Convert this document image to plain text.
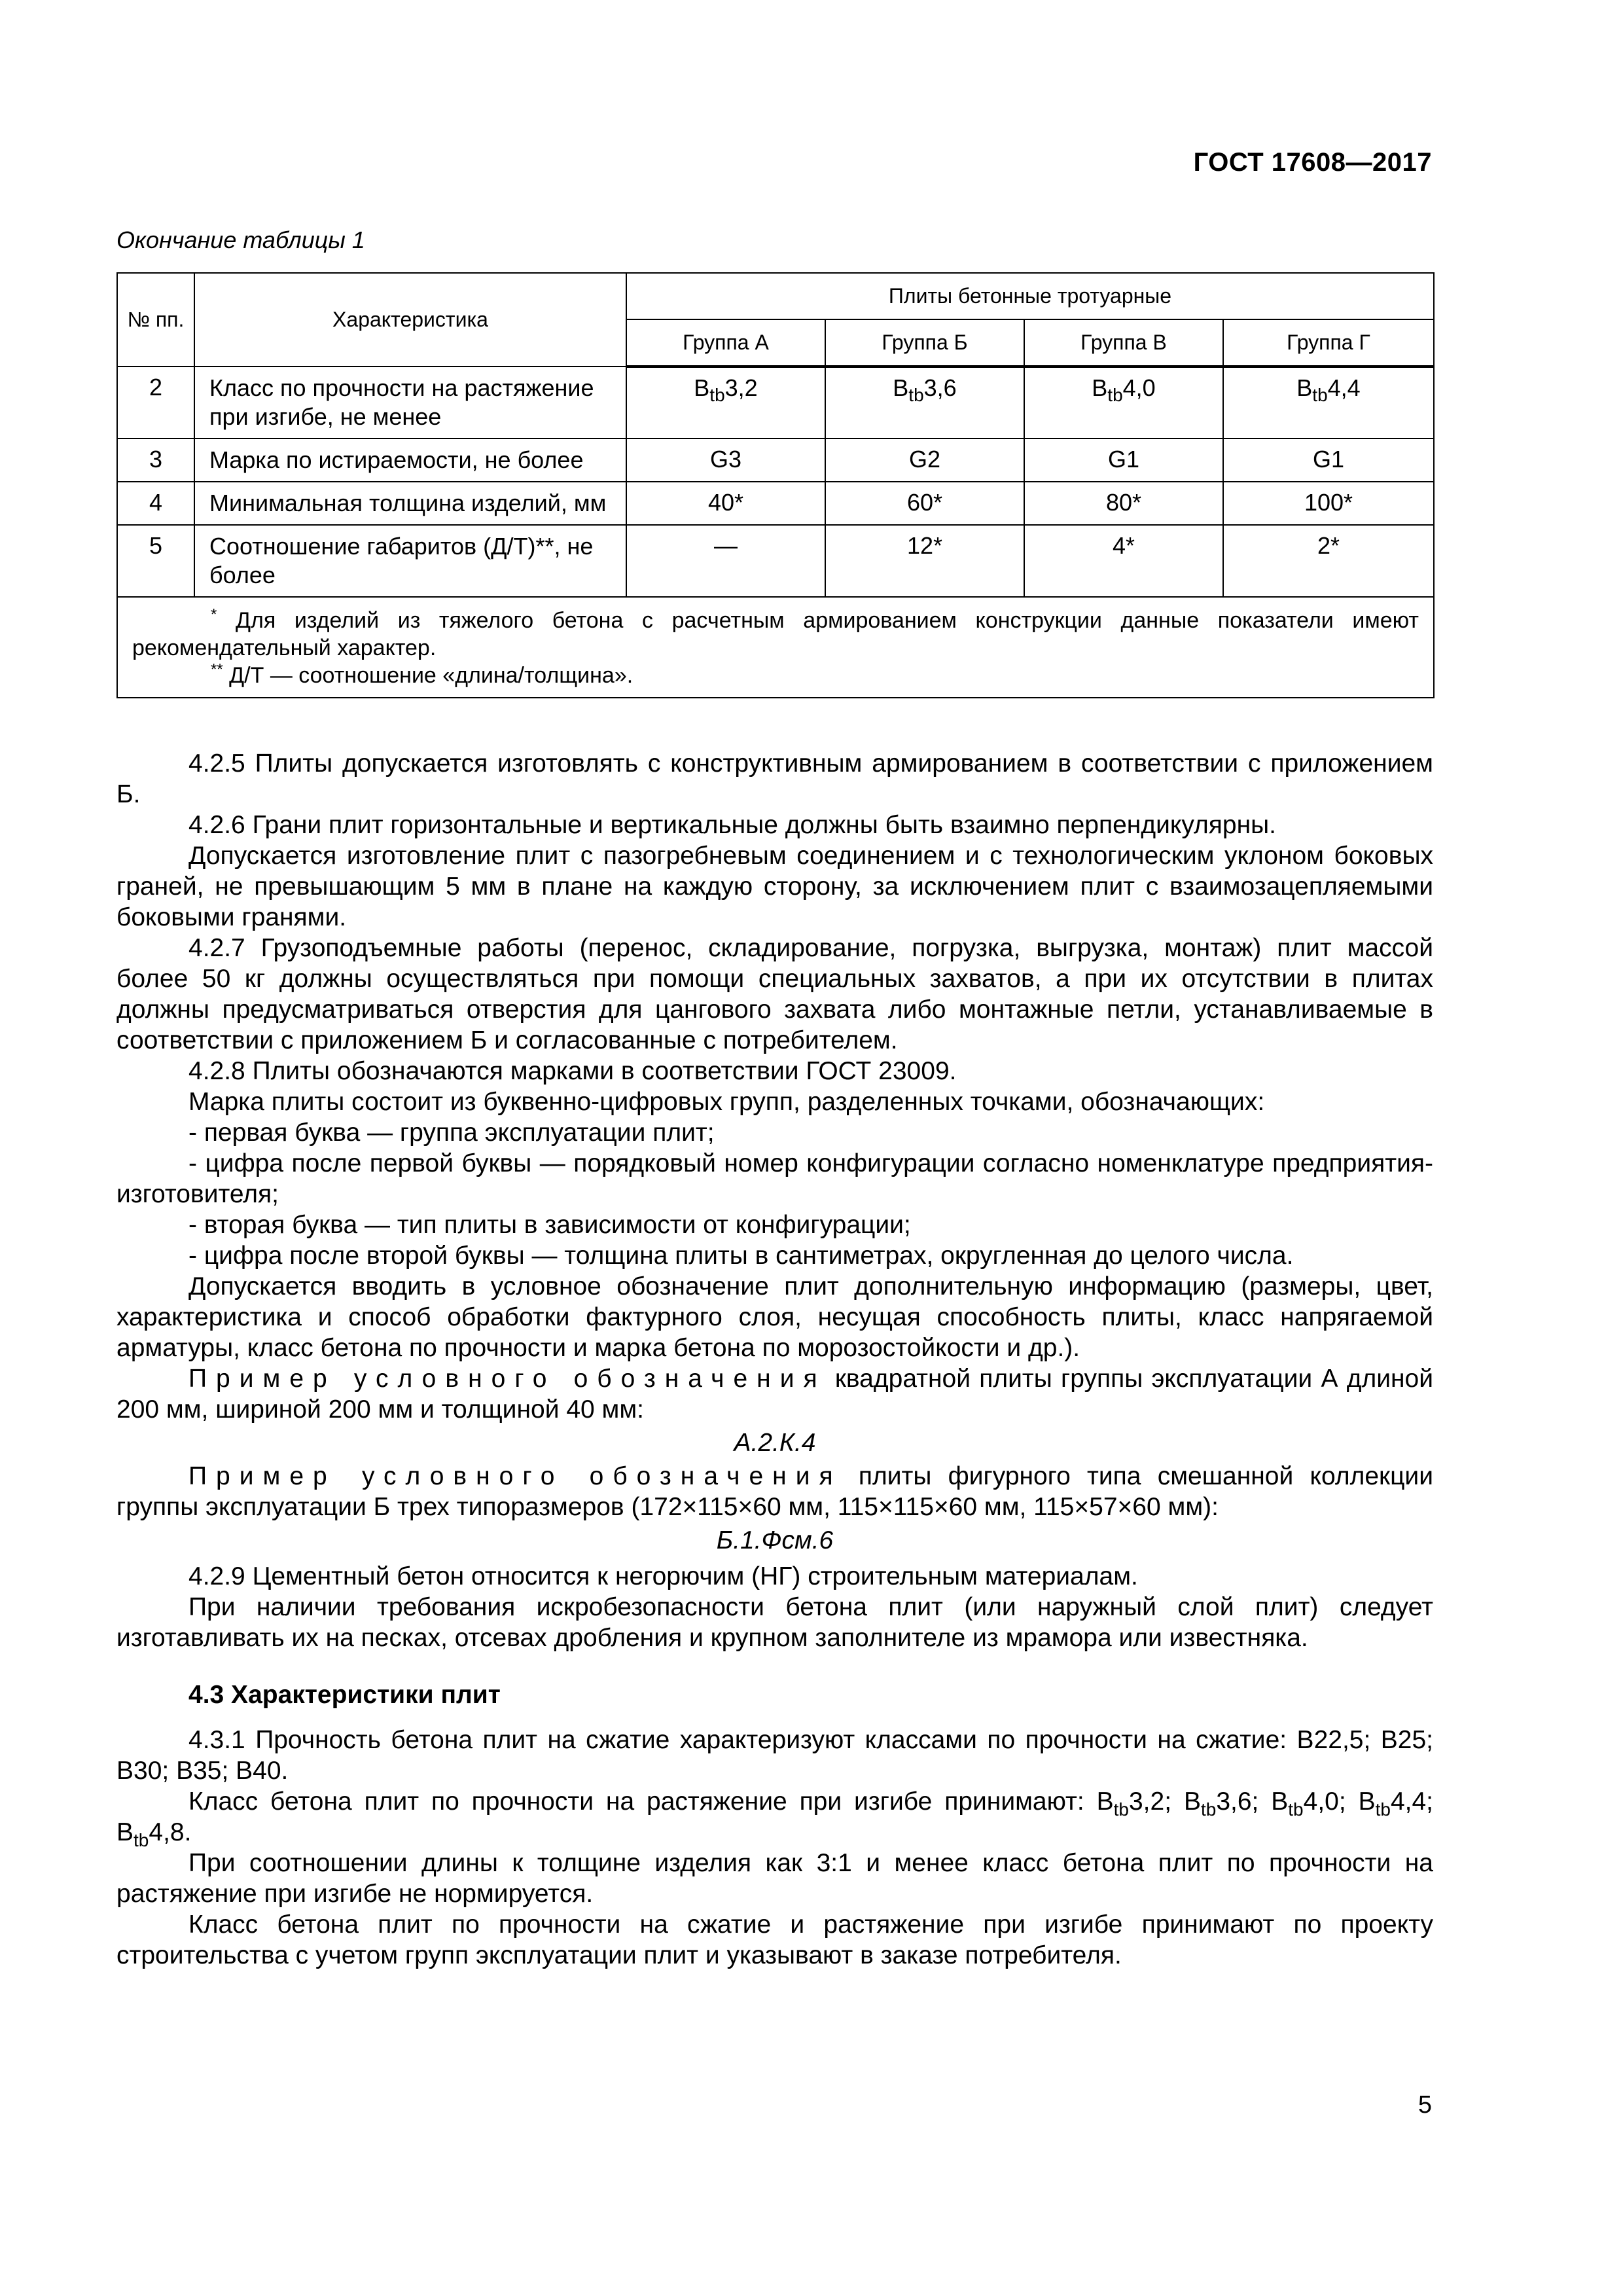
ГОСТ 17608—2017
Окончание таблицы 1
№ пп.	Характеристика	Плиты бетонные тротуарные			
		Группа А	Группа Б	Группа В	Группа Г
2	Класс по прочности на растяжение при изгибе, не менее	$B_{tb}3,2$	$B_{tb}3,6$	$B_{tb}4,0$	$B_{tb}4,4$
3	Марка по истираемости, не более	G3	G2	G1	G1
4	Минимальная толщина изделий, мм	40*	60*	80*	100*
5	Соотношение габаритов (Д/Т)**, не более	—	12*	4*	2*

* Для изделий из тяжелого бетона с расчетным армированием конструкции данные показатели имеют рекомендательный характер.
** Д/Т — соотношение «длина/толщина».					

4.2.5 Плиты допускается изготовлять с конструктивным армированием в соответствии с приложением Б.

4.2.6 Грани плит горизонтальные и вертикальные должны быть взаимно перпендикулярны.

Допускается изготовление плит с пазогребневым соединением и с технологическим уклоном боковых граней, не превышающим 5 мм в плане на каждую сторону, за исключением плит с взаимозацепляемыми боковыми гранями.

4.2.7 Грузоподъемные работы (перенос, складирование, погрузка, выгрузка, монтаж) плит массой более 50 кг должны осуществляться при помощи специальных захватов, а при их отсутствии в плитах должны предусматриваться отверстия для цангового захвата либо монтажные петли, устанавливаемые в соответствии с приложением Б и согласованные с потребителем.

4.2.8 Плиты обозначаются марками в соответствии ГОСТ 23009.

Марка плиты состоит из буквенно-цифровых групп, разделенных точками, обозначающих:

- первая буква — группа эксплуатации плит;

- цифра после первой буквы — порядковый номер конфигурации согласно номенклатуре предприятия-изготовителя;

- вторая буква — тип плиты в зависимости от конфигурации;

- цифра после второй буквы — толщина плиты в сантиметрах, округленная до целого числа.

Допускается вводить в условное обозначение плит дополнительную информацию (размеры, цвет, характеристика и способ обработки фактурного слоя, несущая способность плиты, класс напрягаемой арматуры, класс бетона по прочности и марка бетона по морозостойкости и др.).

Пример условного обозначения квадратной плиты группы эксплуатации А длиной 200 мм, шириной 200 мм и толщиной 40 мм:

А.2.К.4

Пример условного обозначения плиты фигурного типа смешанной коллекции группы эксплуатации Б трех типоразмеров (172×115×60 мм, 115×115×60 мм, 115×57×60 мм):

Б.1.Фсм.6

4.2.9 Цементный бетон относится к негорючим (НГ) строительным материалам.

При наличии требования искробезопасности бетона плит (или наружный слой плит) следует изготавливать их на песках, отсевах дробления и крупном заполнителе из мрамора или известняка.

4.3 Характеристики плит

4.3.1 Прочность бетона плит на сжатие характеризуют классами по прочности на сжатие: В22,5; В25; В30; В35; В40.

Класс бетона плит по прочности на растяжение при изгибе принимают: $B_{tb}3,2$; $B_{tb}3,6$; $B_{tb}4,0$; $B_{tb}4,4$; $B_{tb}4,8$.

При соотношении длины к толщине изделия как 3:1 и менее класс бетона плит по прочности на растяжение при изгибе не нормируется.

Класс бетона плит по прочности на сжатие и растяжение при изгибе принимают по проекту строительства с учетом групп эксплуатации плит и указывают в заказе потребителя.

5
